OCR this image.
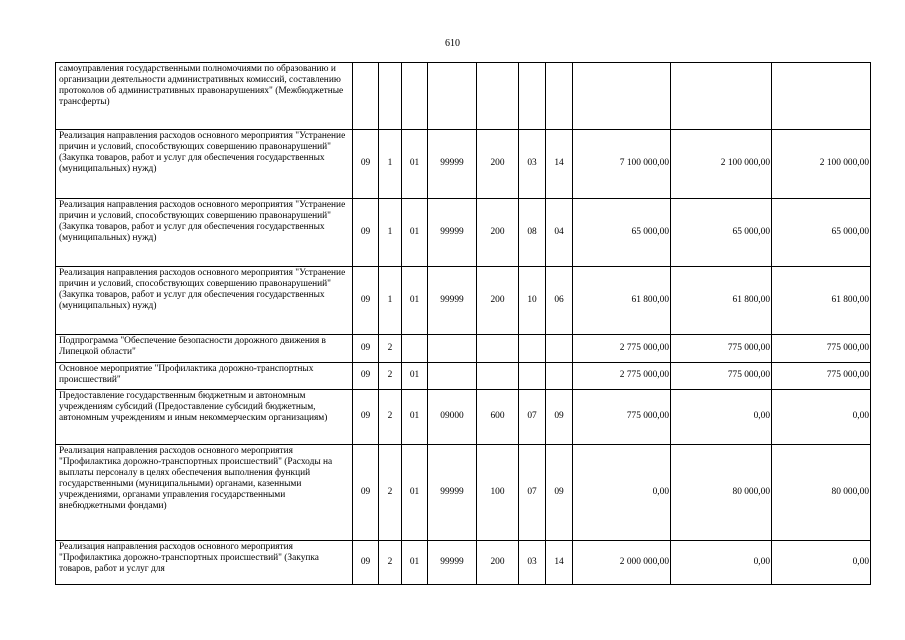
610
самоуправления государственными полномочиями по образованию и организации деятельности административных комиссий, составлению протоколов об административных правонарушениях" (Межбюджетные трансферты)										
Реализация направления расходов основного мероприятия "Устранение причин и условий, способствующих совершению правонарушений" (Закупка товаров, работ и услуг для обеспечения государственных (муниципальных) нужд)	09	1	01	99999	200	03	14	7 100 000,00	2 100 000,00	2 100 000,00
Реализация направления расходов основного мероприятия "Устранение причин и условий, способствующих совершению правонарушений" (Закупка товаров, работ и услуг для обеспечения государственных (муниципальных) нужд)	09	1	01	99999	200	08	04	65 000,00	65 000,00	65 000,00
Реализация направления расходов основного мероприятия "Устранение причин и условий, способствующих совершению правонарушений" (Закупка товаров, работ и услуг для обеспечения государственных (муниципальных) нужд)	09	1	01	99999	200	10	06	61 800,00	61 800,00	61 800,00
Подпрограмма "Обеспечение безопасности дорожного движения в Липецкой области"	09	2						2 775 000,00	775 000,00	775 000,00
Основное мероприятие "Профилактика дорожно-транспортных происшествий"	09	2	01					2 775 000,00	775 000,00	775 000,00
Предоставление государственным бюджетным и автономным учреждениям субсидий (Предоставление субсидий бюджетным, автономным учреждениям и иным некоммерческим организациям)	09	2	01	09000	600	07	09	775 000,00	0,00	0,00
Реализация направления расходов основного мероприятия "Профилактика дорожно-транспортных происшествий" (Расходы на выплаты персоналу в целях обеспечения выполнения функций государственными (муниципальными) органами, казенными учреждениями, органами управления государственными внебюджетными фондами)	09	2	01	99999	100	07	09	0,00	80 000,00	80 000,00
Реализация направления расходов основного мероприятия "Профилактика дорожно-транспортных происшествий" (Закупка товаров, работ и услуг для	09	2	01	99999	200	03	14	2 000 000,00	0,00	0,00
